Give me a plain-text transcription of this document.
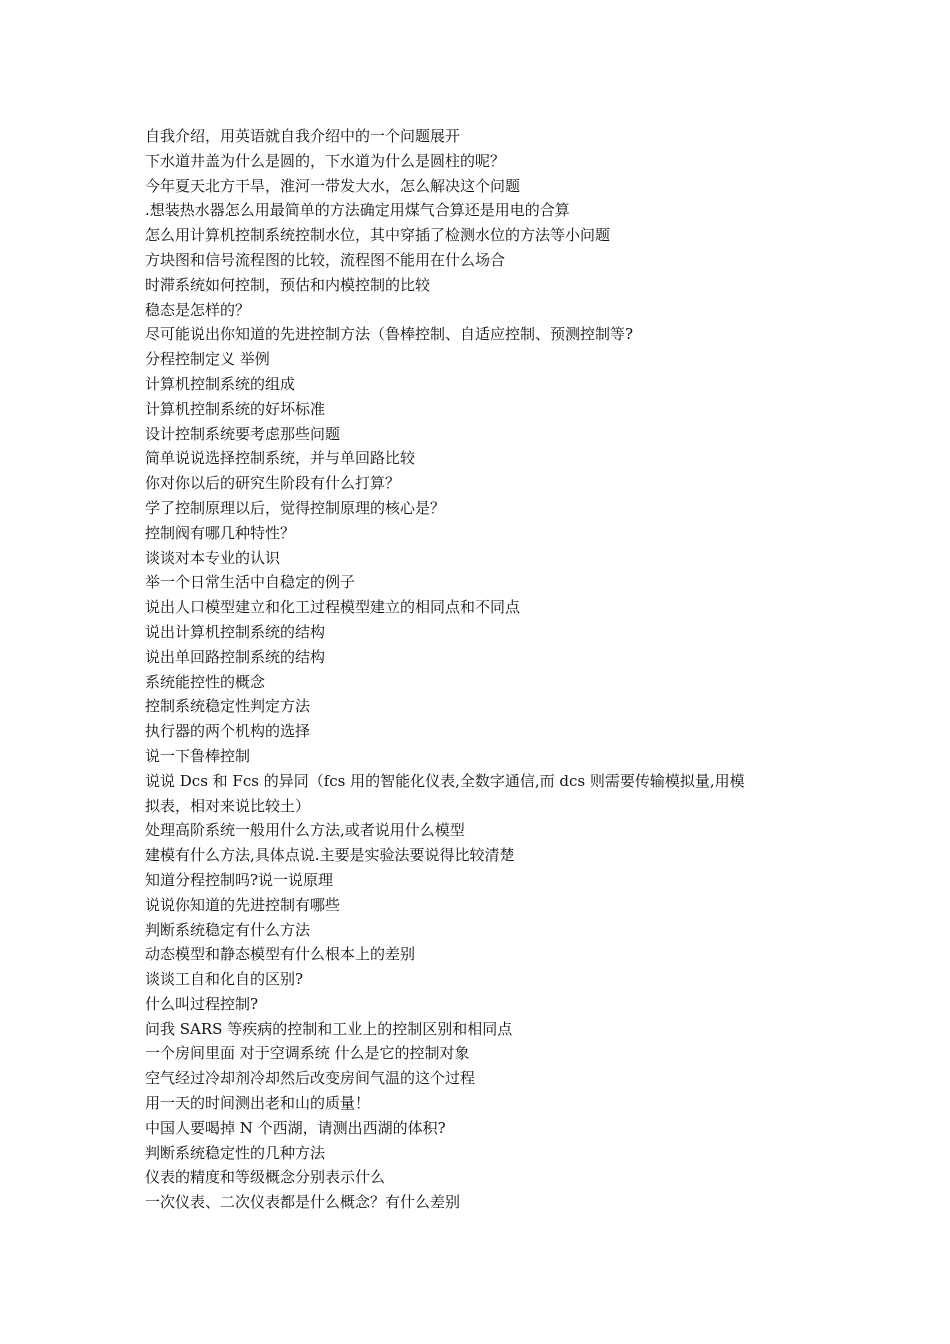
自我介绍，用英语就自我介绍中的一个问题展开

下水道井盖为什么是圆的，下水道为什么是圆柱的呢？

今年夏天北方干旱，淮河一带发大水，怎么解决这个问题

.想装热水器怎么用最简单的方法确定用煤气合算还是用电的合算

怎么用计算机控制系统控制水位，其中穿插了检测水位的方法等小问题

方块图和信号流程图的比较，流程图不能用在什么场合

时滞系统如何控制，预估和内模控制的比较

稳态是怎样的？

尽可能说出你知道的先进控制方法（鲁棒控制、自适应控制、预测控制等?

分程控制定义 举例

计算机控制系统的组成

计算机控制系统的好坏标准

设计控制系统要考虑那些问题

简单说说选择控制系统，并与单回路比较

你对你以后的研究生阶段有什么打算？

学了控制原理以后，觉得控制原理的核心是？

控制阀有哪几种特性？

谈谈对本专业的认识

举一个日常生活中自稳定的例子

说出人口模型建立和化工过程模型建立的相同点和不同点

说出计算机控制系统的结构

说出单回路控制系统的结构

系统能控性的概念

控制系统稳定性判定方法

执行器的两个机构的选择

说一下鲁棒控制

说说 Dcs 和 Fcs 的异同（fcs 用的智能化仪表,全数字通信,而 dcs 则需要传输模拟量,用模

拟表，相对来说比较土）

处理高阶系统一般用什么方法,或者说用什么模型

建模有什么方法,具体点说.主要是实验法要说得比较清楚

知道分程控制吗?说一说原理

说说你知道的先进控制有哪些

判断系统稳定有什么方法

动态模型和静态模型有什么根本上的差别

谈谈工自和化自的区别?

什么叫过程控制?

问我 SARS 等疾病的控制和工业上的控制区别和相同点

一个房间里面 对于空调系统 什么是它的控制对象

空气经过冷却剂冷却然后改变房间气温的这个过程

用一天的时间测出老和山的质量！

中国人要喝掉 N 个西湖，请测出西湖的体积?

判断系统稳定性的几种方法

仪表的精度和等级概念分别表示什么

一次仪表、二次仪表都是什么概念？有什么差别
